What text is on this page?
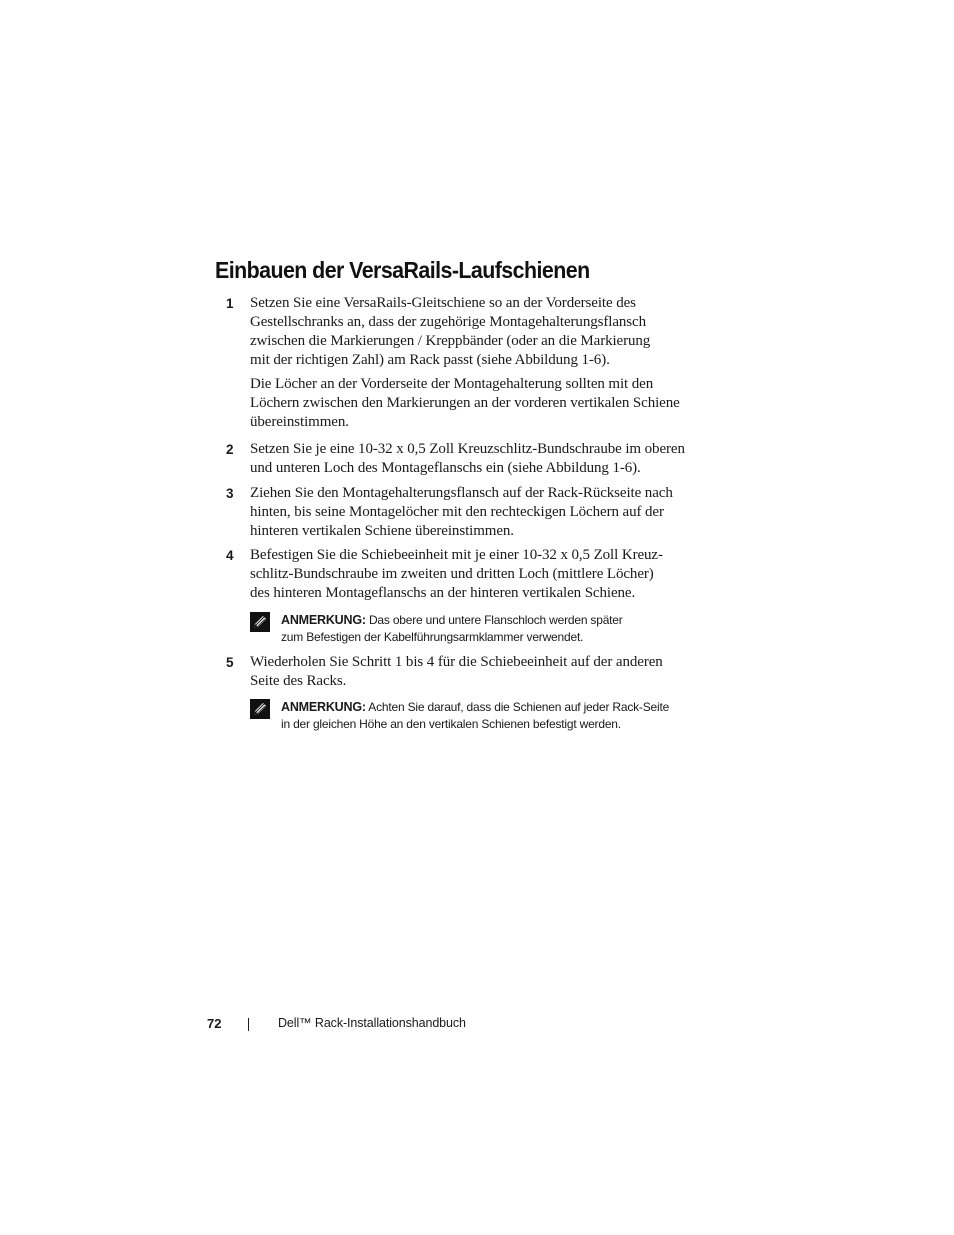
Einbauen der VersaRails-Laufschienen
1 Setzen Sie eine VersaRails-Gleitschiene so an der Vorderseite des
Gestellschranks an, dass der zugehörige Montagehalterungsflansch
zwischen die Markierungen / Kreppbänder (oder an die Markierung
mit der richtigen Zahl) am Rack passt (siehe Abbildung 1-6).
Die Löcher an der Vorderseite der Montagehalterung sollten mit den
Löchern zwischen den Markierungen an der vorderen vertikalen Schiene
übereinstimmen.
2 Setzen Sie je eine 10-32 x 0,5 Zoll Kreuzschlitz-Bundschraube im oberen
und unteren Loch des Montageflanschs ein (siehe Abbildung 1-6).
3 Ziehen Sie den Montagehalterungsflansch auf der Rack-Rückseite nach
hinten, bis seine Montagelöcher mit den rechteckigen Löchern auf der
hinteren vertikalen Schiene übereinstimmen.
4 Befestigen Sie die Schiebeeinheit mit je einer 10-32 x 0,5 Zoll Kreuz-
schlitz-Bundschraube im zweiten und dritten Loch (mittlere Löcher)
des hinteren Montageflanschs an der hinteren vertikalen Schiene.
ANMERKUNG: Das obere und untere Flanschloch werden später
zum Befestigen der Kabelführungsarmklammer verwendet.
5 Wiederholen Sie Schritt 1 bis 4 für die Schiebeeinheit auf der anderen
Seite des Racks.
ANMERKUNG: Achten Sie darauf, dass die Schienen auf jeder Rack-Seite
in der gleichen Höhe an den vertikalen Schienen befestigt werden.
72	Dell™ Rack-Installationshandbuch
